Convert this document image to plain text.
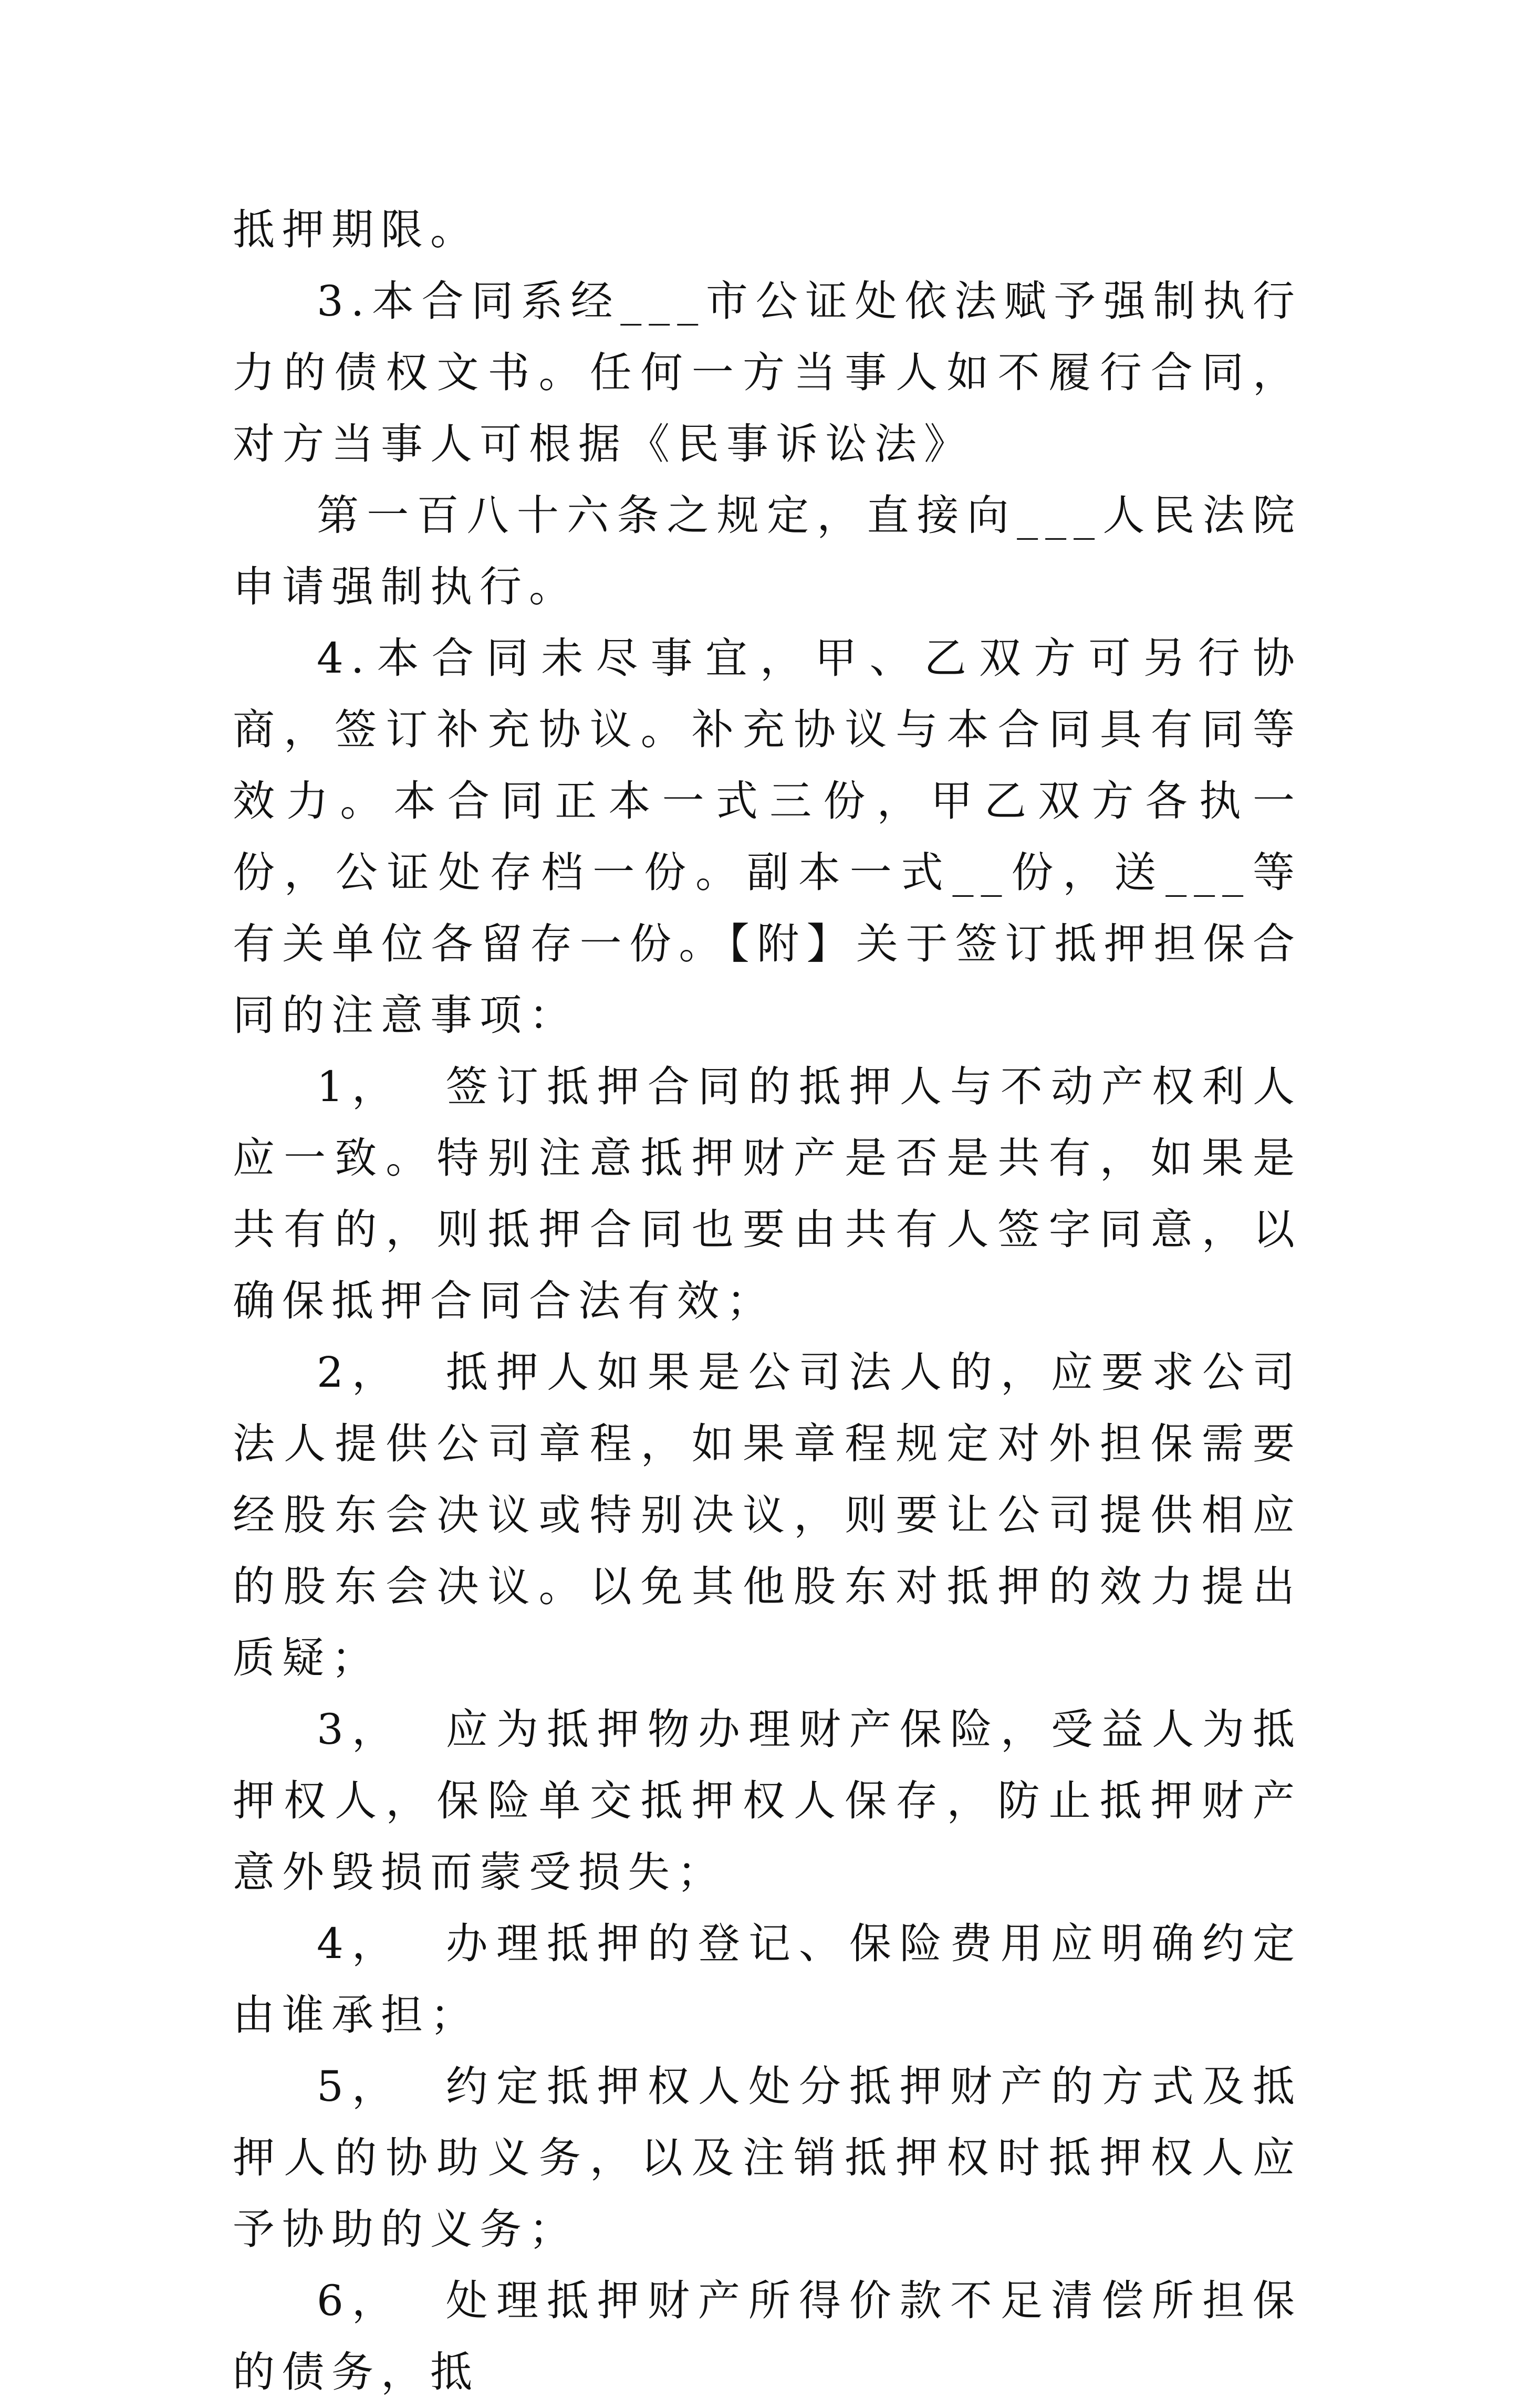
抵押期限。

3.本合同系经___市公证处依法赋予强制执行力的债权文书。任何一方当事人如不履行合同，对方当事人可根据《民事诉讼法》

第一百八十六条之规定，直接向___人民法院申请强制执行。

4.本合同未尽事宜，甲、乙双方可另行协商，签订补充协议。补充协议与本合同具有同等效力。本合同正本一式三份，甲乙双方各执一份，公证处存档一份。副本一式__份，送___等有关单位各留存一份。【附】关于签订抵押担保合同的注意事项：

1，  签订抵押合同的抵押人与不动产权利人应一致。特别注意抵押财产是否是共有，如果是共有的，则抵押合同也要由共有人签字同意，以确保抵押合同合法有效；

2，  抵押人如果是公司法人的，应要求公司法人提供公司章程，如果章程规定对外担保需要经股东会决议或特别决议，则要让公司提供相应的股东会决议。以免其他股东对抵押的效力提出质疑；

3，  应为抵押物办理财产保险，受益人为抵押权人，保险单交抵押权人保存，防止抵押财产意外毁损而蒙受损失；

4，  办理抵押的登记、保险费用应明确约定由谁承担；

5，  约定抵押权人处分抵押财产的方式及抵押人的协助义务，以及注销抵押权时抵押权人应予协助的义务；

6，  处理抵押财产所得价款不足清偿所担保的债务，抵
